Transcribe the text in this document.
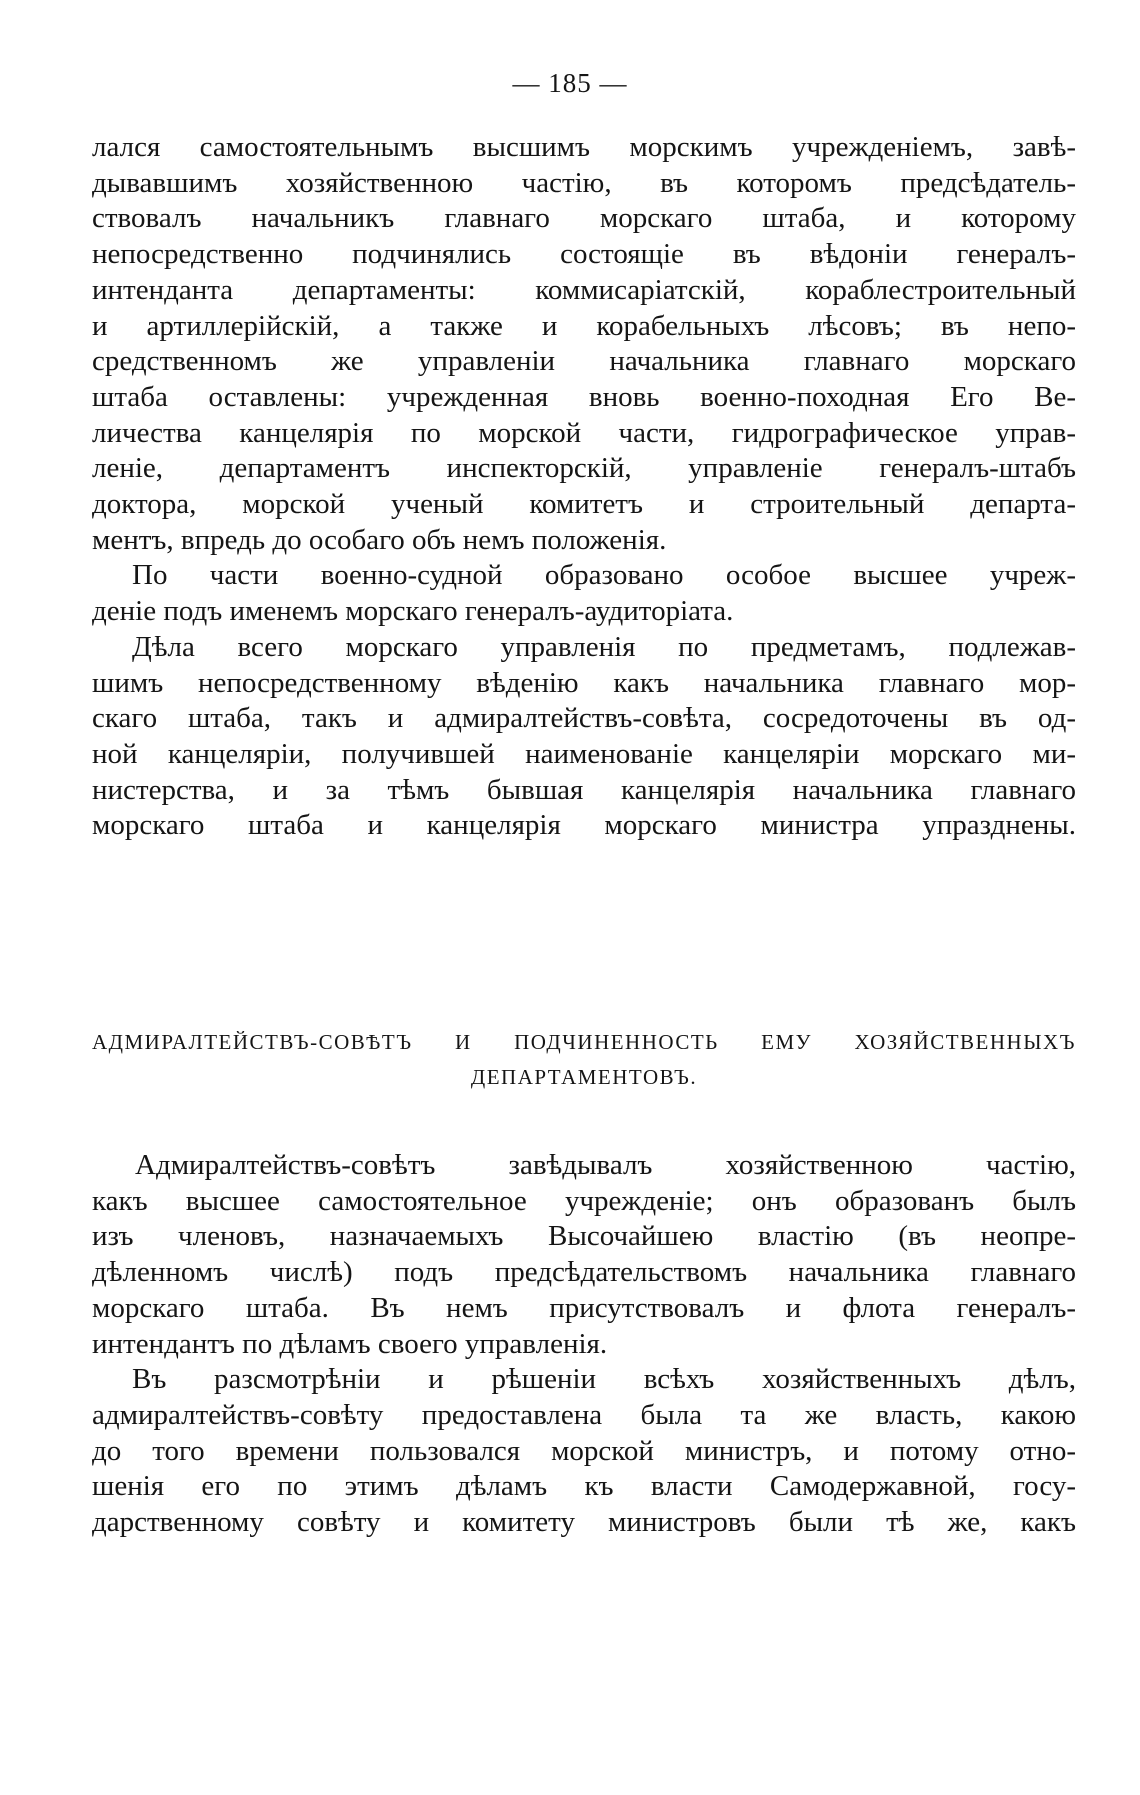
— 185 —

лался самостоятельнымъ высшимъ морскимъ учрежденіемъ, завѣ-

дывавшимъ хозяйственною частію, въ которомъ предсѣдатель-

ствовалъ начальникъ главнаго морскаго штаба, и которому

непосредственно подчинялись состоящіе въ вѣдоніи генералъ-

интенданта департаменты: коммисаріатскій, кораблестроительный

и артиллерійскій, а также и корабельныхъ лѣсовъ; въ непо-

средственномъ же управленіи начальника главнаго морскаго

штаба оставлены: учрежденная вновь военно-походная Его Ве-

личества канцелярія по морской части, гидрографическое управ-

леніе, департаментъ инспекторскій, управленіе генералъ-штабъ

доктора, морской ученый комитетъ и строительный департа-

ментъ, впредь до особаго объ немъ положенія.

По части военно-судной образовано особое высшее учреж-

деніе подъ именемъ морскаго генералъ-аудиторіата.

Дѣла всего морскаго управленія по предметамъ, подлежав-

шимъ непосредственному вѣденію какъ начальника главнаго мор-

скаго штаба, такъ и адмиралтействъ-совѣта, сосредоточены въ од-

ной канцеляріи, получившей наименованіе канцеляріи морскаго ми-

нистерства, и за тѣмъ бывшая канцелярія начальника главнаго

морскаго штаба и канцелярія морскаго министра упразднены.

АДМИРАЛТЕЙСТВЪ-СОВѢТЪ И ПОДЧИНЕННОСТЬ ЕМУ ХОЗЯЙСТВЕННЫХЪ
ДЕПАРТАМЕНТОВЪ.

Адмиралтействъ-совѣтъ завѣдывалъ хозяйственною частію,

какъ высшее самостоятельное учрежденіе; онъ образованъ былъ

изъ членовъ, назначаемыхъ Высочайшею властію (въ неопре-

дѣленномъ числѣ) подъ предсѣдательствомъ начальника главнаго

морскаго штаба. Въ немъ присутствовалъ и флота генералъ-

интендантъ по дѣламъ своего управленія.

Въ разсмотрѣніи и рѣшеніи всѣхъ хозяйственныхъ дѣлъ,

адмиралтействъ-совѣту предоставлена была та же власть, какою

до того времени пользовался морской министръ, и потому отно-

шенія его по этимъ дѣламъ къ власти Самодержавной, госу-

дарственному совѣту и комитету министровъ были тѣ же, какъ
